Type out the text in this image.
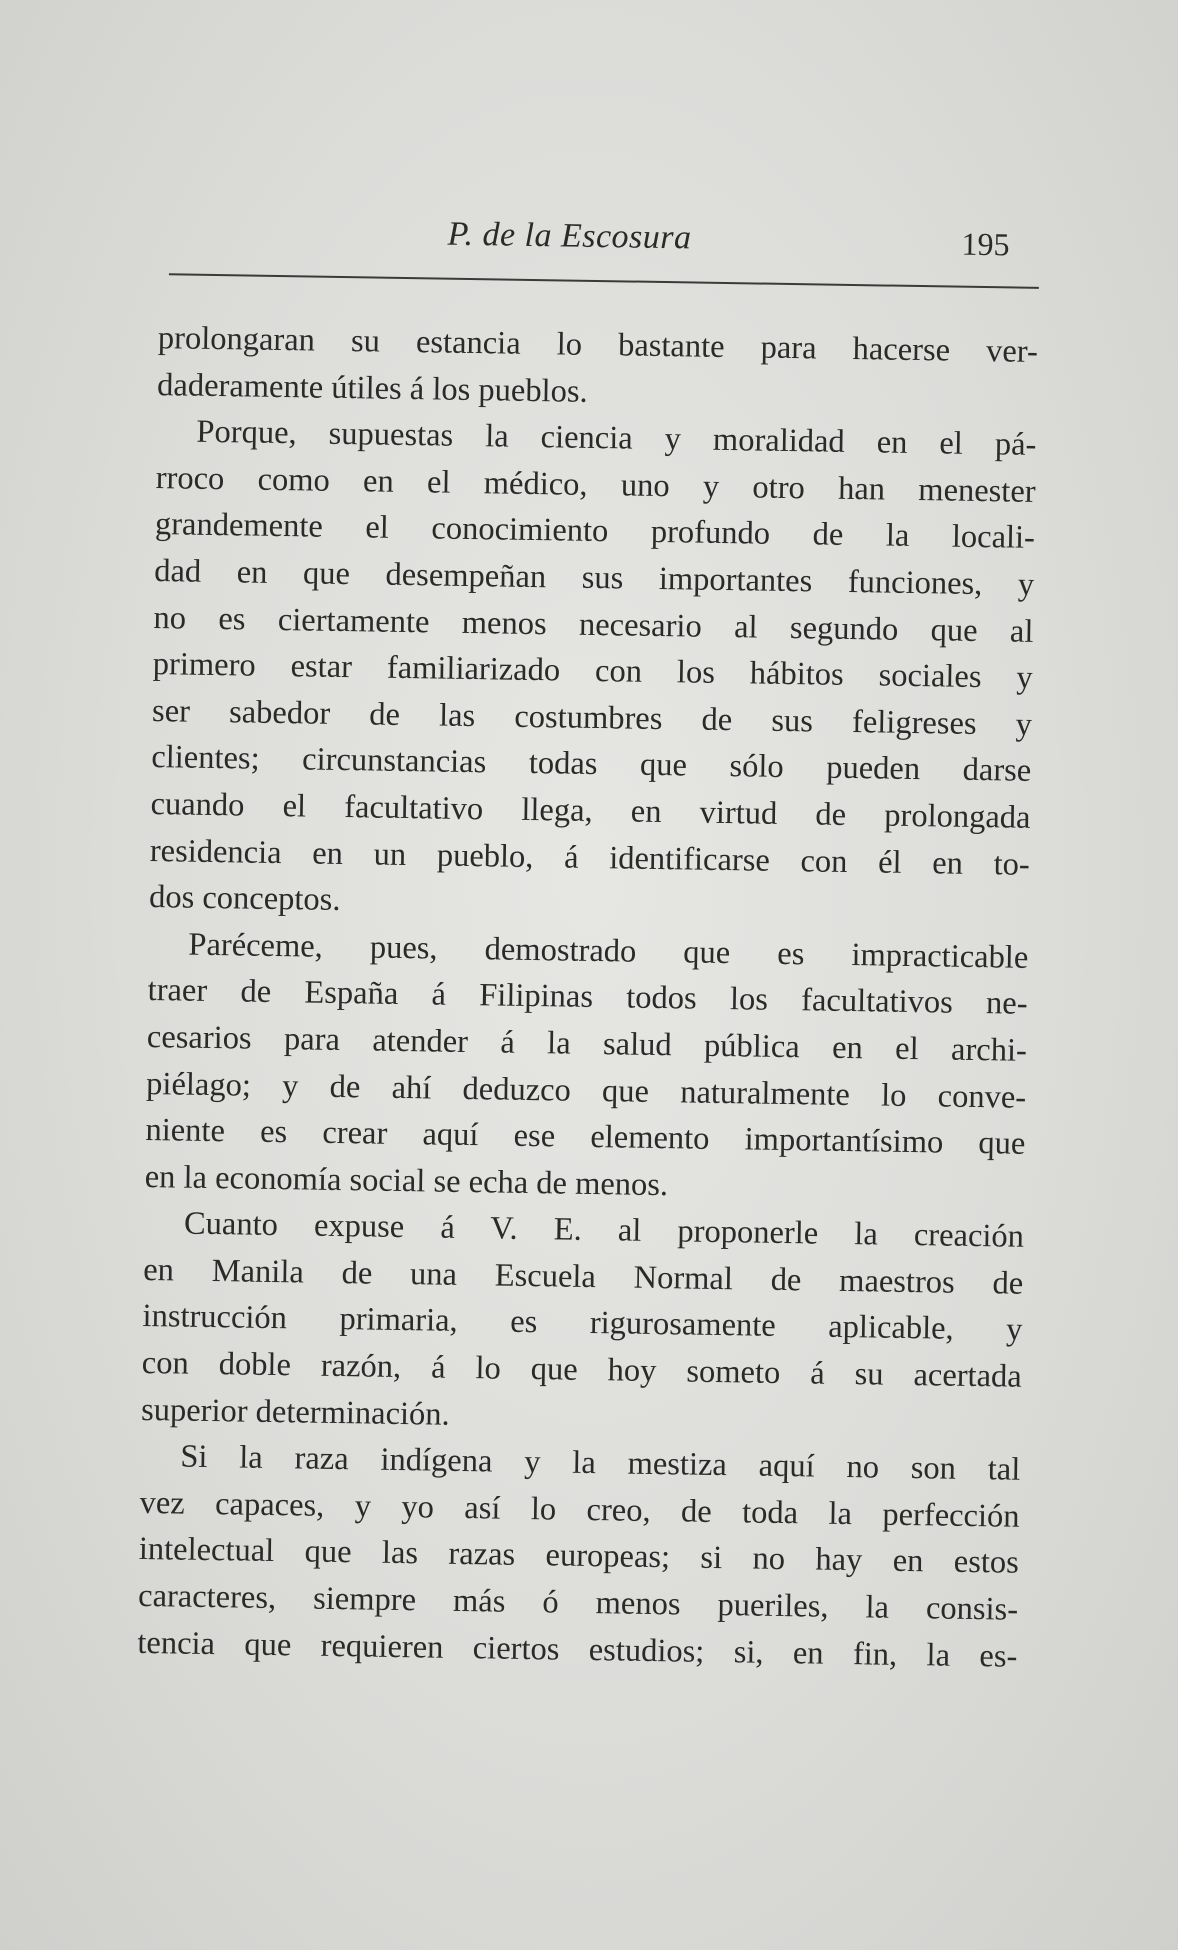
P. de la Escosura	195
prolongaran su estancia lo bastante para hacerse ver-
daderamente útiles á los pueblos.
Porque, supuestas la ciencia y moralidad en el pá-
rroco como en el médico, uno y otro han menester
grandemente el conocimiento profundo de la locali-
dad en que desempeñan sus importantes funciones, y
no es ciertamente menos necesario al segundo que al
primero estar familiarizado con los hábitos sociales y
ser sabedor de las costumbres de sus feligreses y
clientes; circunstancias todas que sólo pueden darse
cuando el facultativo llega, en virtud de prolongada
residencia en un pueblo, á identificarse con él en to-
dos conceptos.
Paréceme, pues, demostrado que es impracticable
traer de España á Filipinas todos los facultativos ne-
cesarios para atender á la salud pública en el archi-
piélago; y de ahí deduzco que naturalmente lo conve-
niente es crear aquí ese elemento importantísimo que
en la economía social se echa de menos.
Cuanto expuse á V. E. al proponerle la creación
en Manila de una Escuela Normal de maestros de
instrucción primaria, es rigurosamente aplicable, y
con doble razón, á lo que hoy someto á su acertada
superior determinación.
Si la raza indígena y la mestiza aquí no son tal
vez capaces, y yo así lo creo, de toda la perfección
intelectual que las razas europeas; si no hay en estos
caracteres, siempre más ó menos pueriles, la consis-
tencia que requieren ciertos estudios; si, en fin, la es-
